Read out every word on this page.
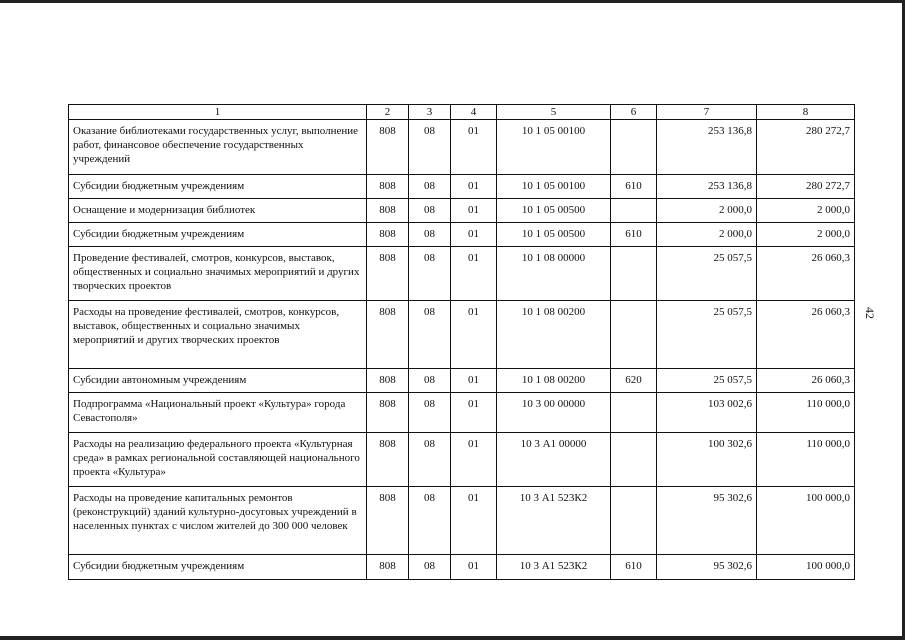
42
1	2	3	4	5	6	7	8
Оказание библиотеками государственных услуг, выполнение работ, финансовое обеспечение государственных учреждений	808	08	01	10 1 05 00100		253 136,8	280 272,7
Субсидии бюджетным учреждениям	808	08	01	10 1 05 00100	610	253 136,8	280 272,7
Оснащение и модернизация библиотек	808	08	01	10 1 05 00500		2 000,0	2 000,0
Субсидии бюджетным учреждениям	808	08	01	10 1 05 00500	610	2 000,0	2 000,0
Проведение фестивалей, смотров, конкурсов, выставок, общественных и социально значимых мероприятий и других творческих проектов	808	08	01	10 1 08 00000		25 057,5	26 060,3
Расходы на проведение фестивалей, смотров, конкурсов, выставок, общественных и социально значимых мероприятий и других творческих проектов	808	08	01	10 1 08 00200		25 057,5	26 060,3
Субсидии автономным учреждениям	808	08	01	10 1 08 00200	620	25 057,5	26 060,3
Подпрограмма «Национальный проект «Культура» города Севастополя»	808	08	01	10 3 00 00000		103 002,6	110 000,0
Расходы на реализацию федерального проекта «Культурная среда» в рамках региональной составляющей национального проекта «Культура»	808	08	01	10 3 А1 00000		100 302,6	110 000,0
Расходы на проведение капитальных ремонтов (реконструкций) зданий культурно-досуговых учреждений в населенных пунктах с числом жителей до 300 000 человек	808	08	01	10 3 А1 523К2		95 302,6	100 000,0
Субсидии бюджетным учреждениям	808	08	01	10 3 А1 523К2	610	95 302,6	100 000,0
